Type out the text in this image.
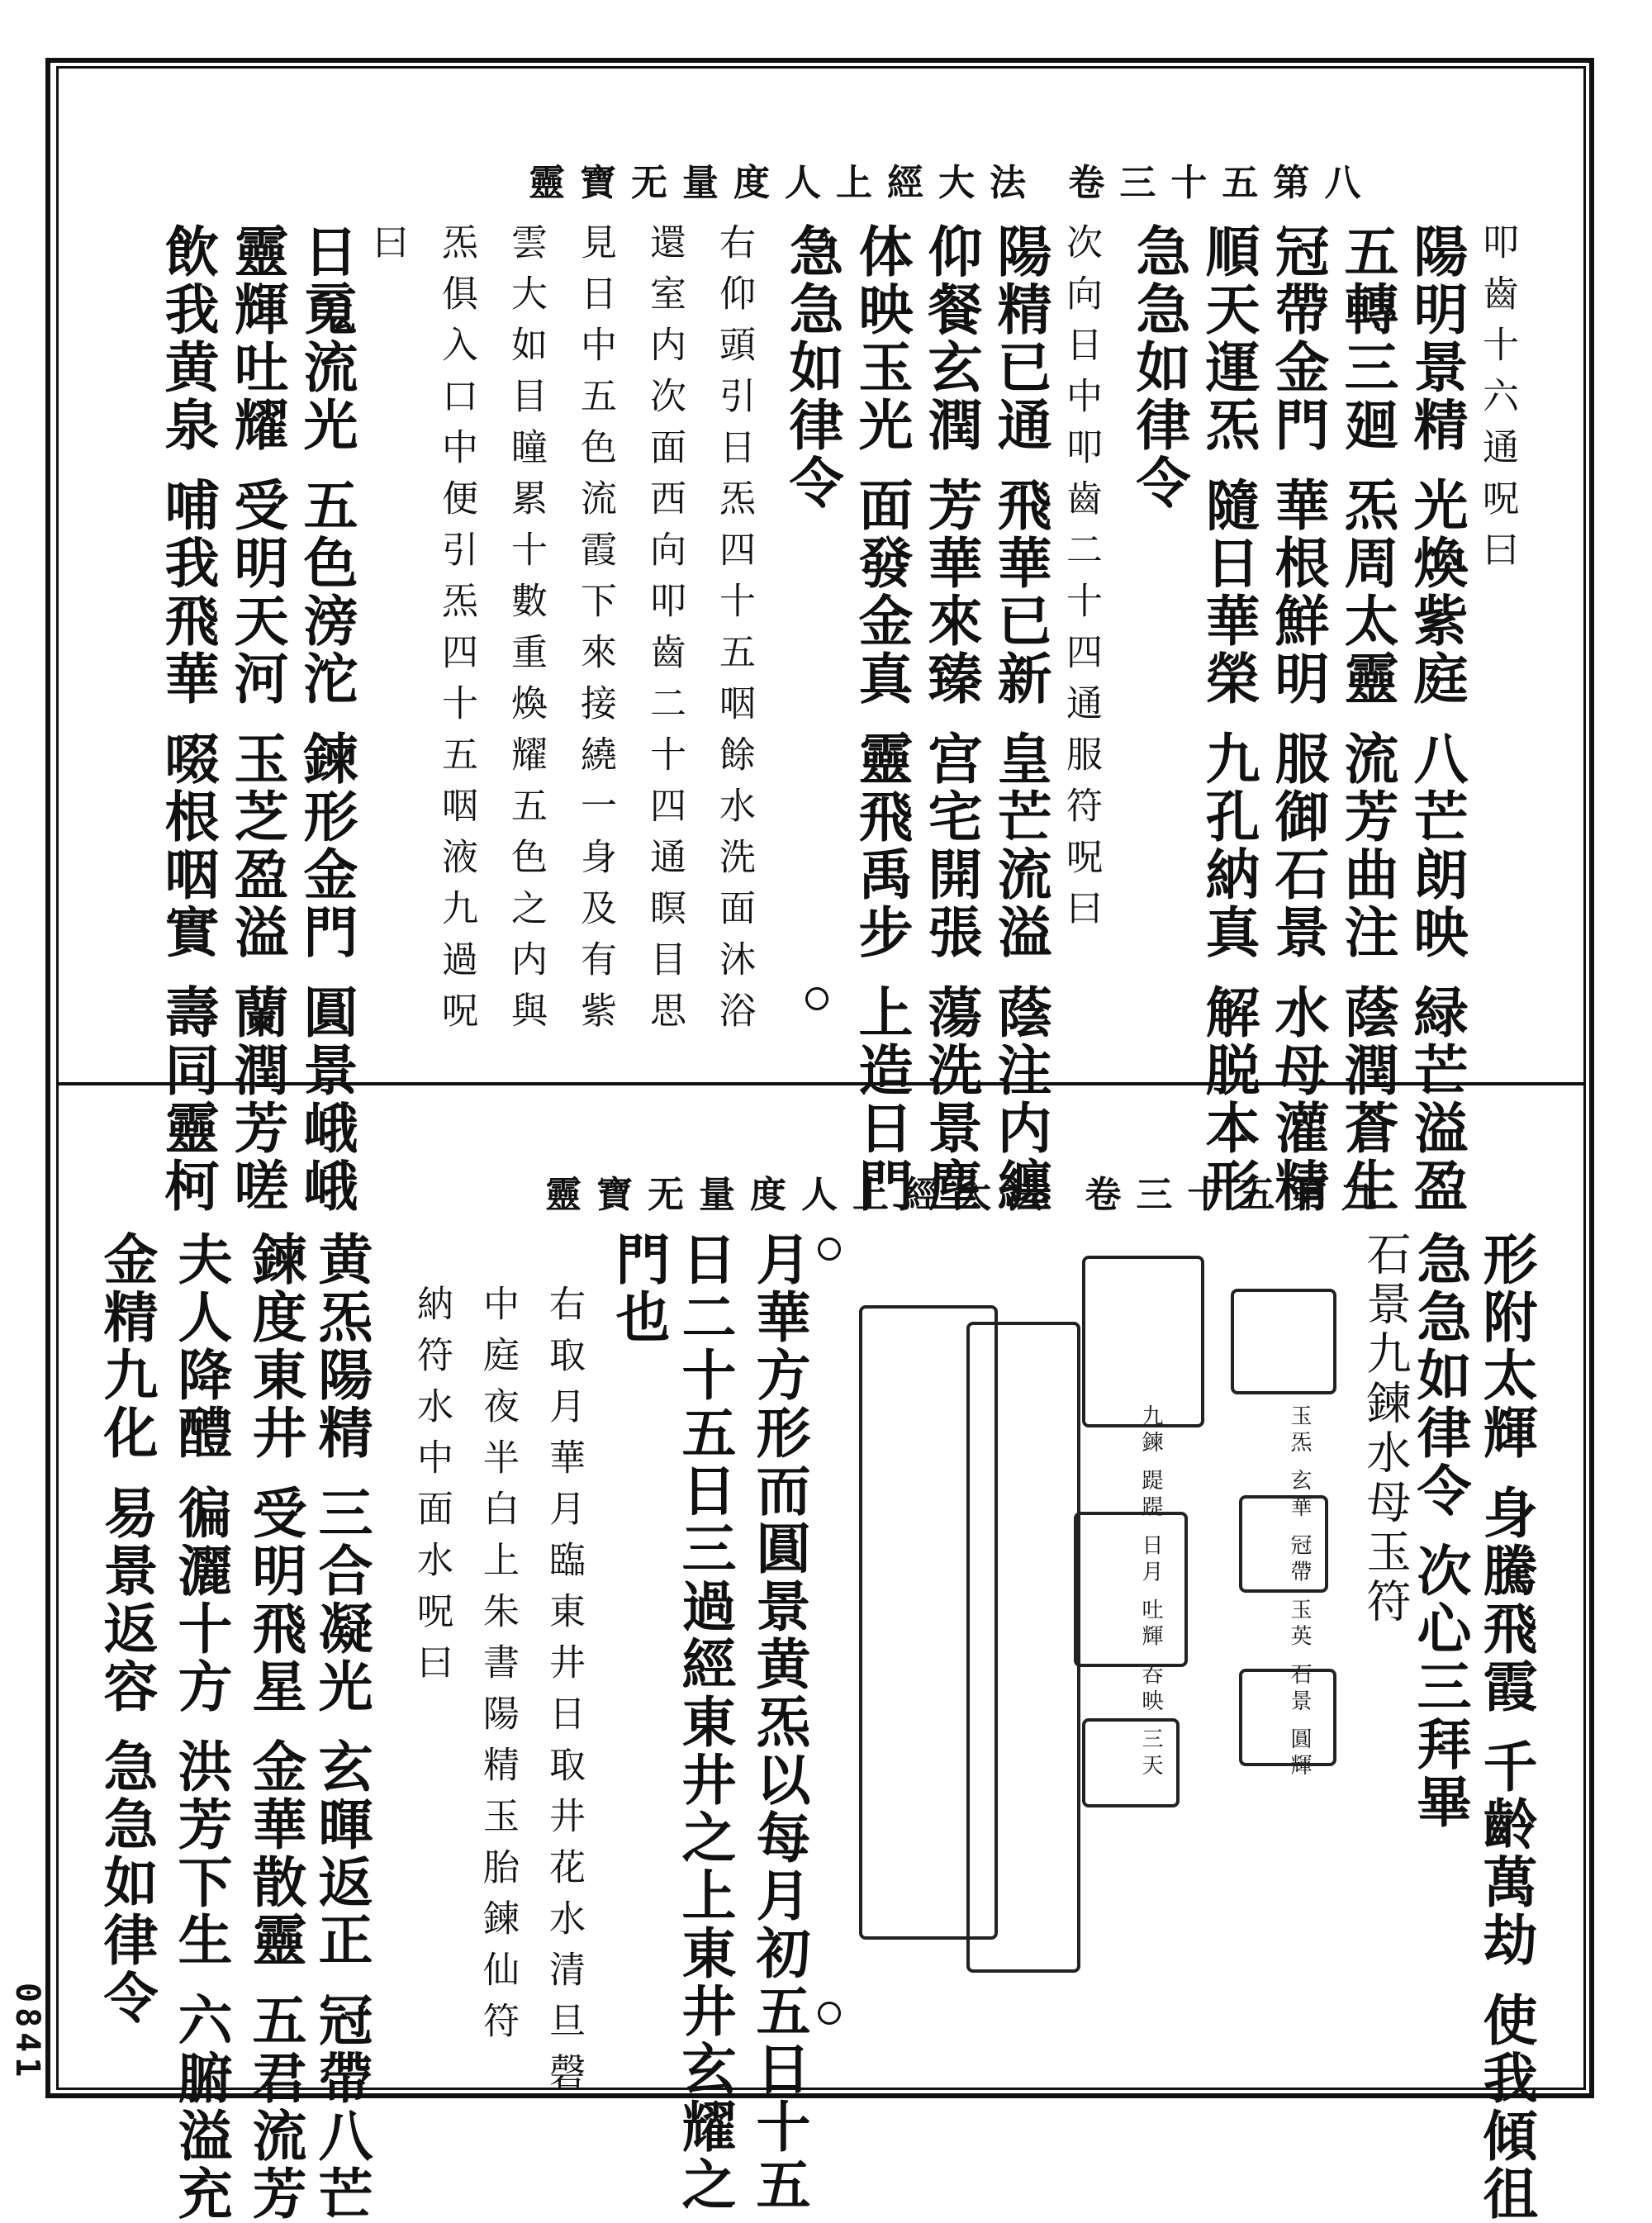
靈寶无量度人上經大法 卷三十五第八
叩齒十六通呪曰
陽明景精 光煥紫庭 八芒朗映 緑芒溢盈
五轉三廻 炁周太靈 流芳曲注 蔭潤蒼生
冠帶金門 華根鮮明 服御石景 水母灌精
順天運炁 隨日華榮 九孔納真 解脱本形
急急如律令
次向日中叩齒二十四通服符呪曰
陽精已通 飛華已新 皇芒流溢 蔭注内纏
仰餐玄潤 芳華來臻 宫宅開張 蕩洗景塵
体映玉光 面發金真 靈飛禹步 上造日門
急急如律令
右仰頭引日炁四十五咽餘水洗面沐浴
還室内次面西向叩齒二十四通瞑目思
見日中五色流霞下來接繞一身及有紫
雲大如目瞳累十數重煥耀五色之内與
炁俱入口中便引炁四十五咽液九過呪
曰
日䰟流光 五色滂沱 鍊形金門 圓景峨峨
靈輝吐耀 受明天河 玉芝盈溢 蘭潤芳嗟
飲我黄泉 哺我飛華 啜根咽實 壽同靈柯	靈寶无量度人上經大法 卷三十五第九
形附太輝 身騰飛霞 千齡萬劫 使我傾徂
急急如律令 次心三拜畢
石景九鍊水母玉符
玉炁 玄華 冠帶 玉英 石景 圓輝
九鍊 踶踶 日月 吐輝 吞映 三天
月華方形而圓景黄炁以每月初五日十五
日二十五日三過經東井之上東井玄耀之
門也
右取月華月臨東井日取井花水清旦磬
中庭夜半白上朱書陽精玉胎鍊仙符
納符水中面水呪曰
黄炁陽精 三合凝光 玄暉返正 冠帶八芒
鍊度東井 受明飛星 金華散靈 五君流芳
夫人降醴 徧灑十方 洪芳下生 六腑溢充
金精九化 易景返容 急急如律令
0841
